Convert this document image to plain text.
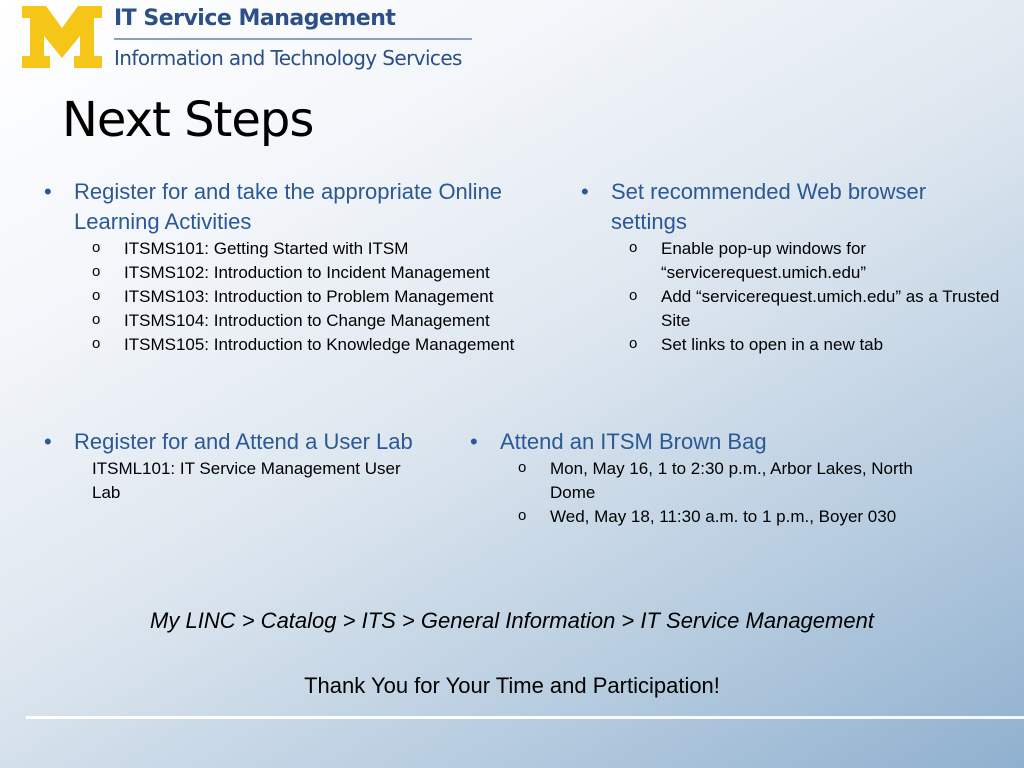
IT Service Management
Information and Technology Services
Next Steps
• Register for and take the appropriate Online Learning Activities
o ITSMS101: Getting Started with ITSM
o ITSMS102: Introduction to Incident Management
o ITSMS103: Introduction to Problem Management
o ITSMS104: Introduction to Change Management
o ITSMS105: Introduction to Knowledge Management
• Set recommended Web browser settings
o Enable pop-up windows for “servicerequest.umich.edu”
o Add “servicerequest.umich.edu” as a Trusted Site
o Set links to open in a new tab
• Register for and Attend a User Lab
ITSML101: IT Service Management User Lab
• Attend an ITSM Brown Bag
o Mon, May 16, 1 to 2:30 p.m., Arbor Lakes, North Dome
o Wed, May 18, 11:30 a.m. to 1 p.m., Boyer 030
My LINC > Catalog > ITS > General Information > IT Service Management
Thank You for Your Time and Participation!
